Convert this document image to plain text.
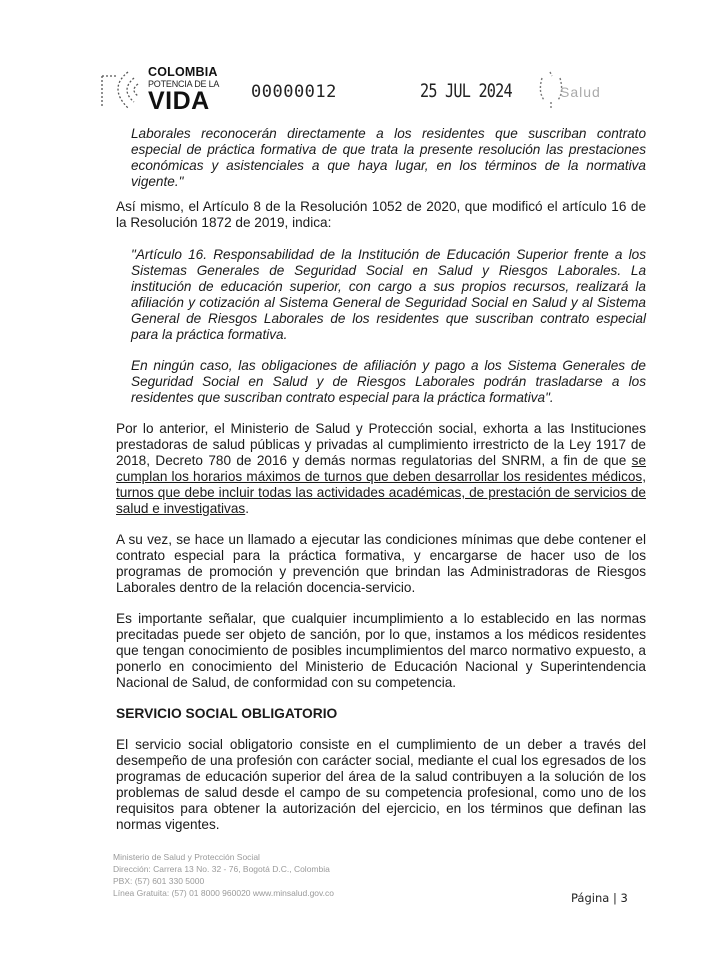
COLOMBIA
POTENCIA DE LA
VIDA	00000012	25 JUL 2024	Salud

Laborales reconocerán directamente a los residentes que suscriban contrato especial de práctica formativa de que trata la presente resolución las prestaciones económicas y asistenciales a que haya lugar, en los términos de la normativa vigente."

Así mismo, el Artículo 8 de la Resolución 1052 de 2020, que modificó el artículo 16 de la Resolución 1872 de 2019, indica:

"Artículo 16. Responsabilidad de la Institución de Educación Superior frente a los Sistemas Generales de Seguridad Social en Salud y Riesgos Laborales. La institución de educación superior, con cargo a sus propios recursos, realizará la afiliación y cotización al Sistema General de Seguridad Social en Salud y al Sistema General de Riesgos Laborales de los residentes que suscriban contrato especial para la práctica formativa.

En ningún caso, las obligaciones de afiliación y pago a los Sistema Generales de Seguridad Social en Salud y de Riesgos Laborales podrán trasladarse a los residentes que suscriban contrato especial para la práctica formativa".

Por lo anterior, el Ministerio de Salud y Protección social, exhorta a las Instituciones prestadoras de salud públicas y privadas al cumplimiento irrestricto de la Ley 1917 de 2018, Decreto 780 de 2016 y demás normas regulatorias del SNRM, a fin de que se cumplan los horarios máximos de turnos que deben desarrollar los residentes médicos, turnos que debe incluir todas las actividades académicas, de prestación de servicios de salud e investigativas.

A su vez, se hace un llamado a ejecutar las condiciones mínimas que debe contener el contrato especial para la práctica formativa, y encargarse de hacer uso de los programas de promoción y prevención que brindan las Administradoras de Riesgos Laborales dentro de la relación docencia-servicio.

Es importante señalar, que cualquier incumplimiento a lo establecido en las normas precitadas puede ser objeto de sanción, por lo que, instamos a los médicos residentes que tengan conocimiento de posibles incumplimientos del marco normativo expuesto, a ponerlo en conocimiento del Ministerio de Educación Nacional y Superintendencia Nacional de Salud, de conformidad con su competencia.

SERVICIO SOCIAL OBLIGATORIO

El servicio social obligatorio consiste en el cumplimiento de un deber a través del desempeño de una profesión con carácter social, mediante el cual los egresados de los programas de educación superior del área de la salud contribuyen a la solución de los problemas de salud desde el campo de su competencia profesional, como uno de los requisitos para obtener la autorización del ejercicio, en los términos que definan las normas vigentes.

Ministerio de Salud y Protección Social
Dirección: Carrera 13 No. 32 - 76, Bogotá D.C., Colombia
PBX: (57) 601 330 5000
Línea Gratuita: (57) 01 8000 960020 www.minsalud.gov.co	Página | 3
